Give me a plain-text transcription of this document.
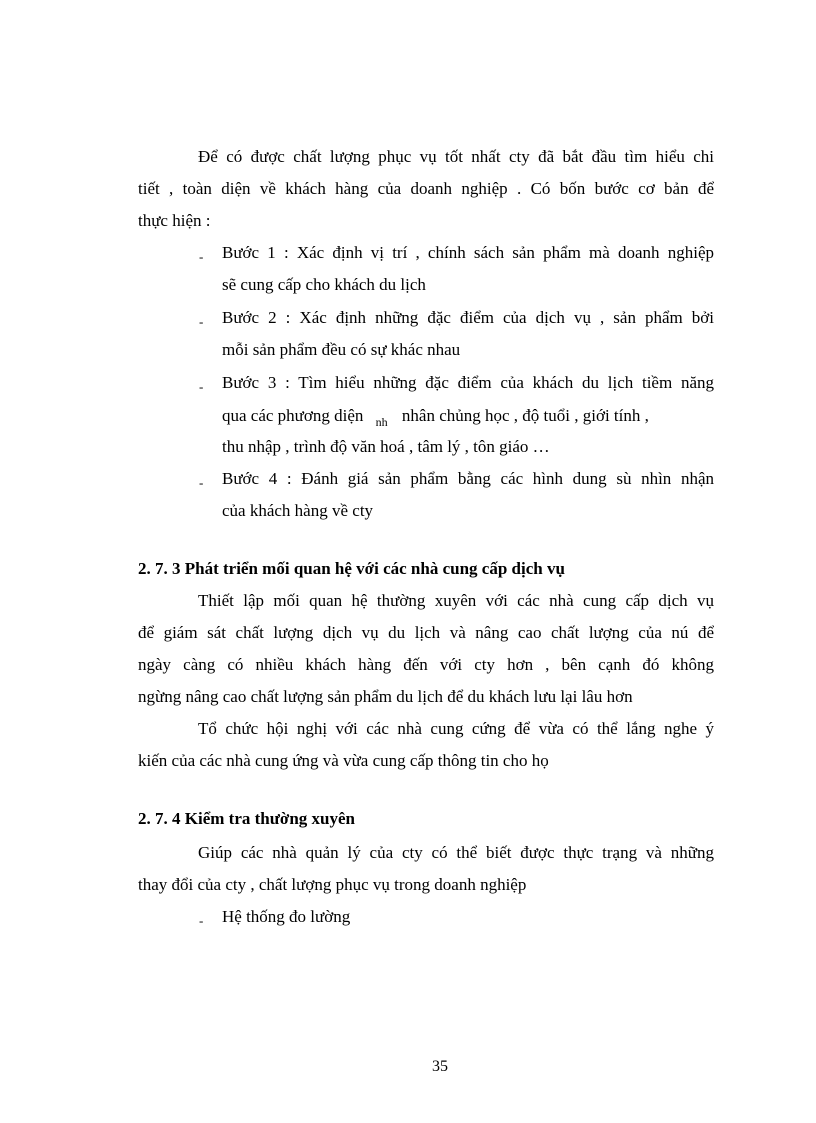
Để có được chất lượng phục vụ tốt nhất cty đã bắt đầu tìm hiểu chi
tiết , toàn diện về khách hàng của doanh nghiệp . Có bốn bước cơ bản để
thực hiện :
- Bước 1 : Xác định vị trí , chính sách sản phẩm mà doanh nghiệp
sẽ cung cấp cho khách du lịch
- Bước 2 : Xác định những đặc điểm của dịch vụ , sản phẩm bởi
mỗi sản phẩm đều có sự khác nhau
- Bước 3 : Tìm hiểu những đặc điểm của khách du lịch tiềm năng
qua các phương diện $_{nh}$ nhân chủng học , độ tuổi , giới tính ,
thu nhập , trình độ văn hoá , tâm lý , tôn giáo …
- Bước 4 : Đánh giá sản phẩm bằng các hình dung sù nhìn nhận
của khách hàng về cty
2. 7. 3 Phát triển mối quan hệ với các nhà cung cấp dịch vụ
Thiết lập mối quan hệ thường xuyên với các nhà cung cấp dịch vụ
để giám sát chất lượng dịch vụ du lịch và nâng cao chất lượng của nú để
ngày càng có nhiều khách hàng đến với cty hơn , bên cạnh đó không
ngừng nâng cao chất lượng sản phẩm du lịch để du khách lưu lại lâu hơn
Tổ chức hội nghị với các nhà cung cứng để vừa có thể lắng nghe ý
kiến của các nhà cung ứng và vừa cung cấp thông tin cho họ
2. 7. 4 Kiểm tra thường xuyên
Giúp các nhà quản lý của cty có thể biết được thực trạng và những
thay đổi của cty , chất lượng phục vụ trong doanh nghiệp
- Hệ thống đo lường
35
